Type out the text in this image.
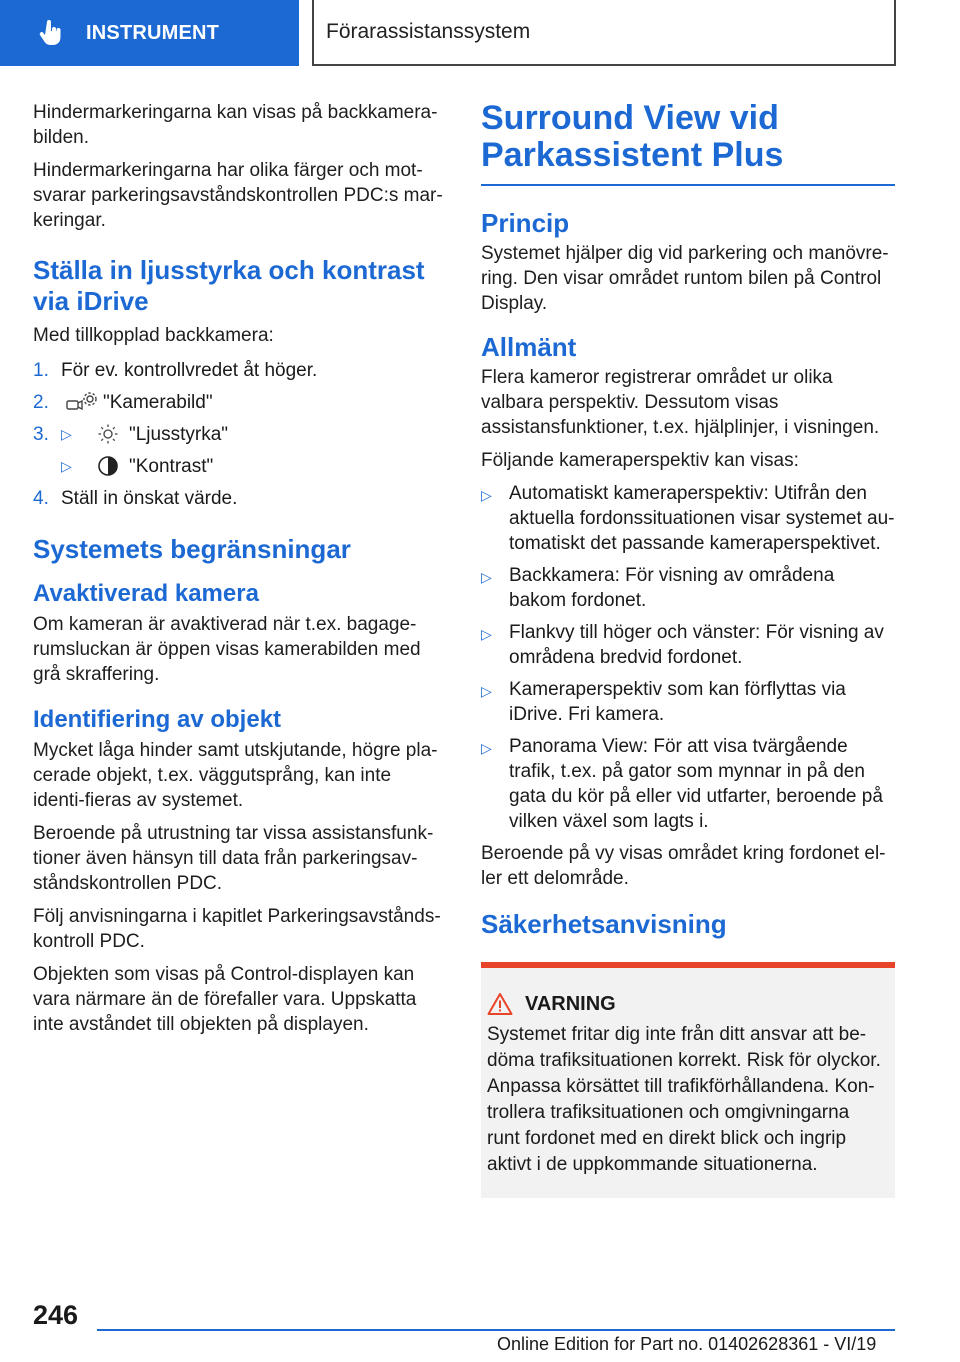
INSTRUMENT	Förarassistanssystem

Hindermarkeringarna kan visas på backkamera-bilden.

Hindermarkeringarna har olika färger och mot-svarar parkeringsavståndskontrollen PDC:s mar-keringar.

Ställa in ljusstyrka och kontrast via iDrive

Med tillkopplad backkamera:

1. För ev. kontrollvredet åt höger.
2.	"Kamerabild"
3. ▷	"Ljusstyrka"
▷	"Kontrast"
4. Ställ in önskat värde.
Systemets begränsningar
Avaktiverad kamera

Om kameran är avaktiverad när t.ex. bagage-rumsluckan är öppen visas kamerabilden med grå skraffering.

Identifiering av objekt

Mycket låga hinder samt utskjutande, högre pla-cerade objekt, t.ex. väggutsprång, kan inte identi-fieras av systemet.

Beroende på utrustning tar vissa assistansfunk-tioner även hänsyn till data från parkeringsav-ståndskontrollen PDC.

Följ anvisningarna i kapitlet Parkeringsavstånds-kontroll PDC.

Objekten som visas på Control-displayen kan vara närmare än de förefaller vara. Uppskatta inte avståndet till objekten på displayen.

Surround View vid Parkassistent Plus
Princip

Systemet hjälper dig vid parkering och manövre-ring. Den visar området runtom bilen på Control Display.

Allmänt

Flera kameror registrerar området ur olika valbara perspektiv. Dessutom visas assistansfunktioner, t.ex. hjälplinjer, i visningen.

Följande kameraperspektiv kan visas:

▷ Automatiskt kameraperspektiv: Utifrån den aktuella fordonssituationen visar systemet au-tomatiskt det passande kameraperspektivet.
▷ Backkamera: För visning av områdena bakom fordonet.
▷ Flankvy till höger och vänster: För visning av områdena bredvid fordonet.
▷ Kameraperspektiv som kan förflyttas via iDrive. Fri kamera.
▷ Panorama View: För att visa tvärgående trafik, t.ex. på gator som mynnar in på den gata du kör på eller vid utfarter, beroende på vilken växel som lagts i.

Beroende på vy visas området kring fordonet el-ler ett delområde.

Säkerhetsanvisning
VARNING

Systemet fritar dig inte från ditt ansvar att be-döma trafiksituationen korrekt. Risk för olyckor. Anpassa körsättet till trafikförhållandena. Kon-trollera trafiksituationen och omgivningarna runt fordonet med en direkt blick och ingrip aktivt i de uppkommande situationerna.

246
Online Edition for Part no. 01402628361 - VI/19
